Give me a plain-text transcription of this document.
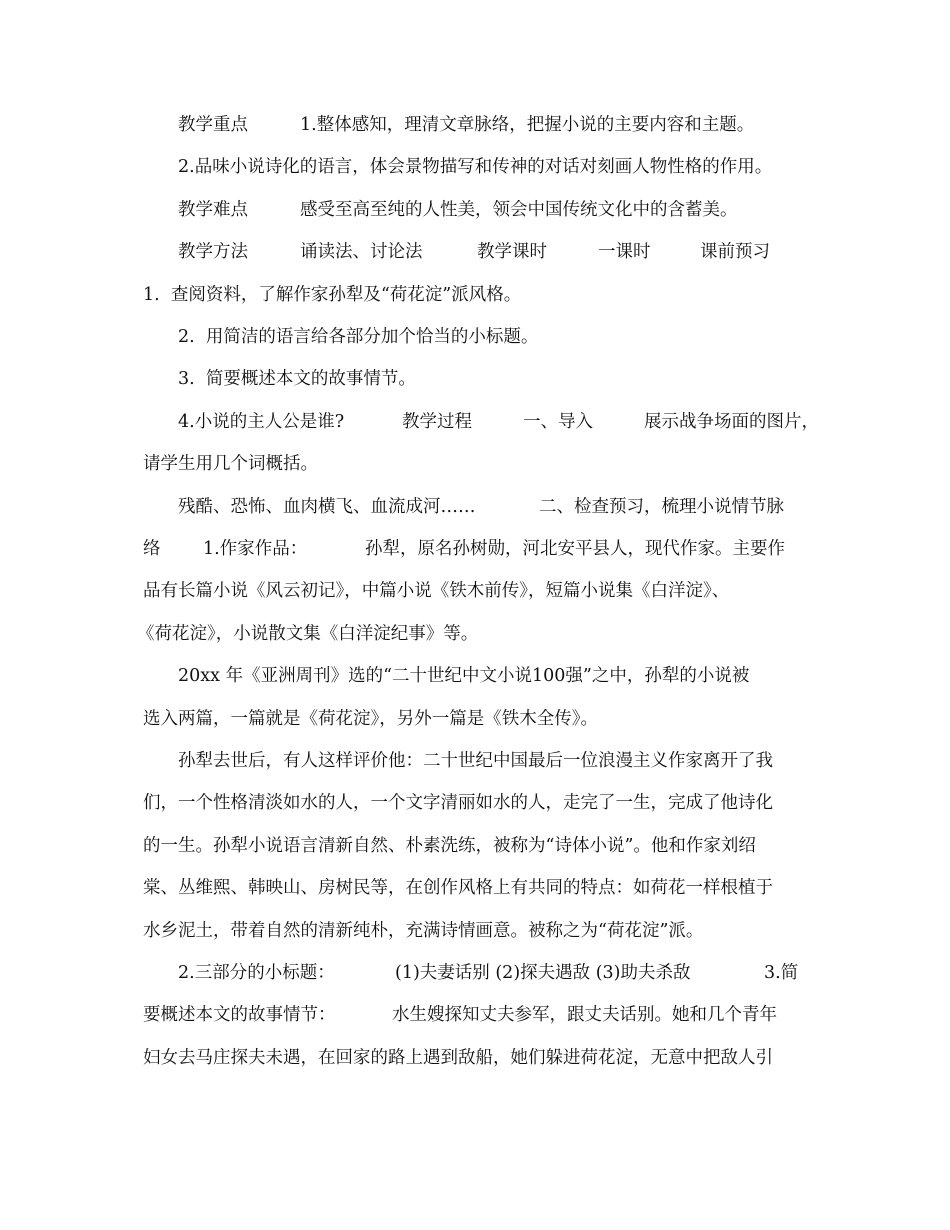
教学重点

	1.整体感知，理清文章脉络，把握小说的主要内容和主题。

2.品味小说诗化的语言，体会景物描写和传神的对话对刻画人物性格的作用。

教学难点

	感受至高至纯的人性美，领会中国传统文化中的含蓄美。

教学方法

	诵读法、讨论法

	教学课时

	一课时

	课前预习

1.  查阅资料，了解作家孙犁及“荷花淀”派风格。

2.  用简洁的语言给各部分加个恰当的小标题。

3.  简要概述本文的故事情节。

4.小说的主人公是谁?

	教学过程

	一、导入

	展示战争场面的图片，

请学生用几个词概括。

残酷、恐怖、血肉横飞、血流成河……

	二、检查预习，梳理小说情节脉

络

1.作家作品：

	孙犁，原名孙树勋，河北安平县人，现代作家。主要作

品有长篇小说《风云初记》，中篇小说《铁木前传》，短篇小说集《白洋淀》、

《荷花淀》，小说散文集《白洋淀纪事》等。

20xx 年《亚洲周刊》选的“二十世纪中文小说100强”之中，孙犁的小说被

选入两篇，一篇就是《荷花淀》，另外一篇是《铁木全传》。

孙犁去世后，有人这样评价他：二十世纪中国最后一位浪漫主义作家离开了我

们，一个性格清淡如水的人，一个文字清丽如水的人，走完了一生，完成了他诗化

的一生。孙犁小说语言清新自然、朴素洗练，被称为“诗体小说”。他和作家刘绍

棠、丛维熙、韩映山、房树民等，在创作风格上有共同的特点：如荷花一样根植于

水乡泥土，带着自然的清新纯朴，充满诗情画意。被称之为“荷花淀”派。

2.三部分的小标题：

	(1)夫妻话别 (2)探夫遇敌 (3)助夫杀敌

	3.简

要概述本文的故事情节：

	水生嫂探知丈夫参军，跟丈夫话别。她和几个青年

妇女去马庄探夫未遇，在回家的路上遇到敌船，她们躲进荷花淀，无意中把敌人引
